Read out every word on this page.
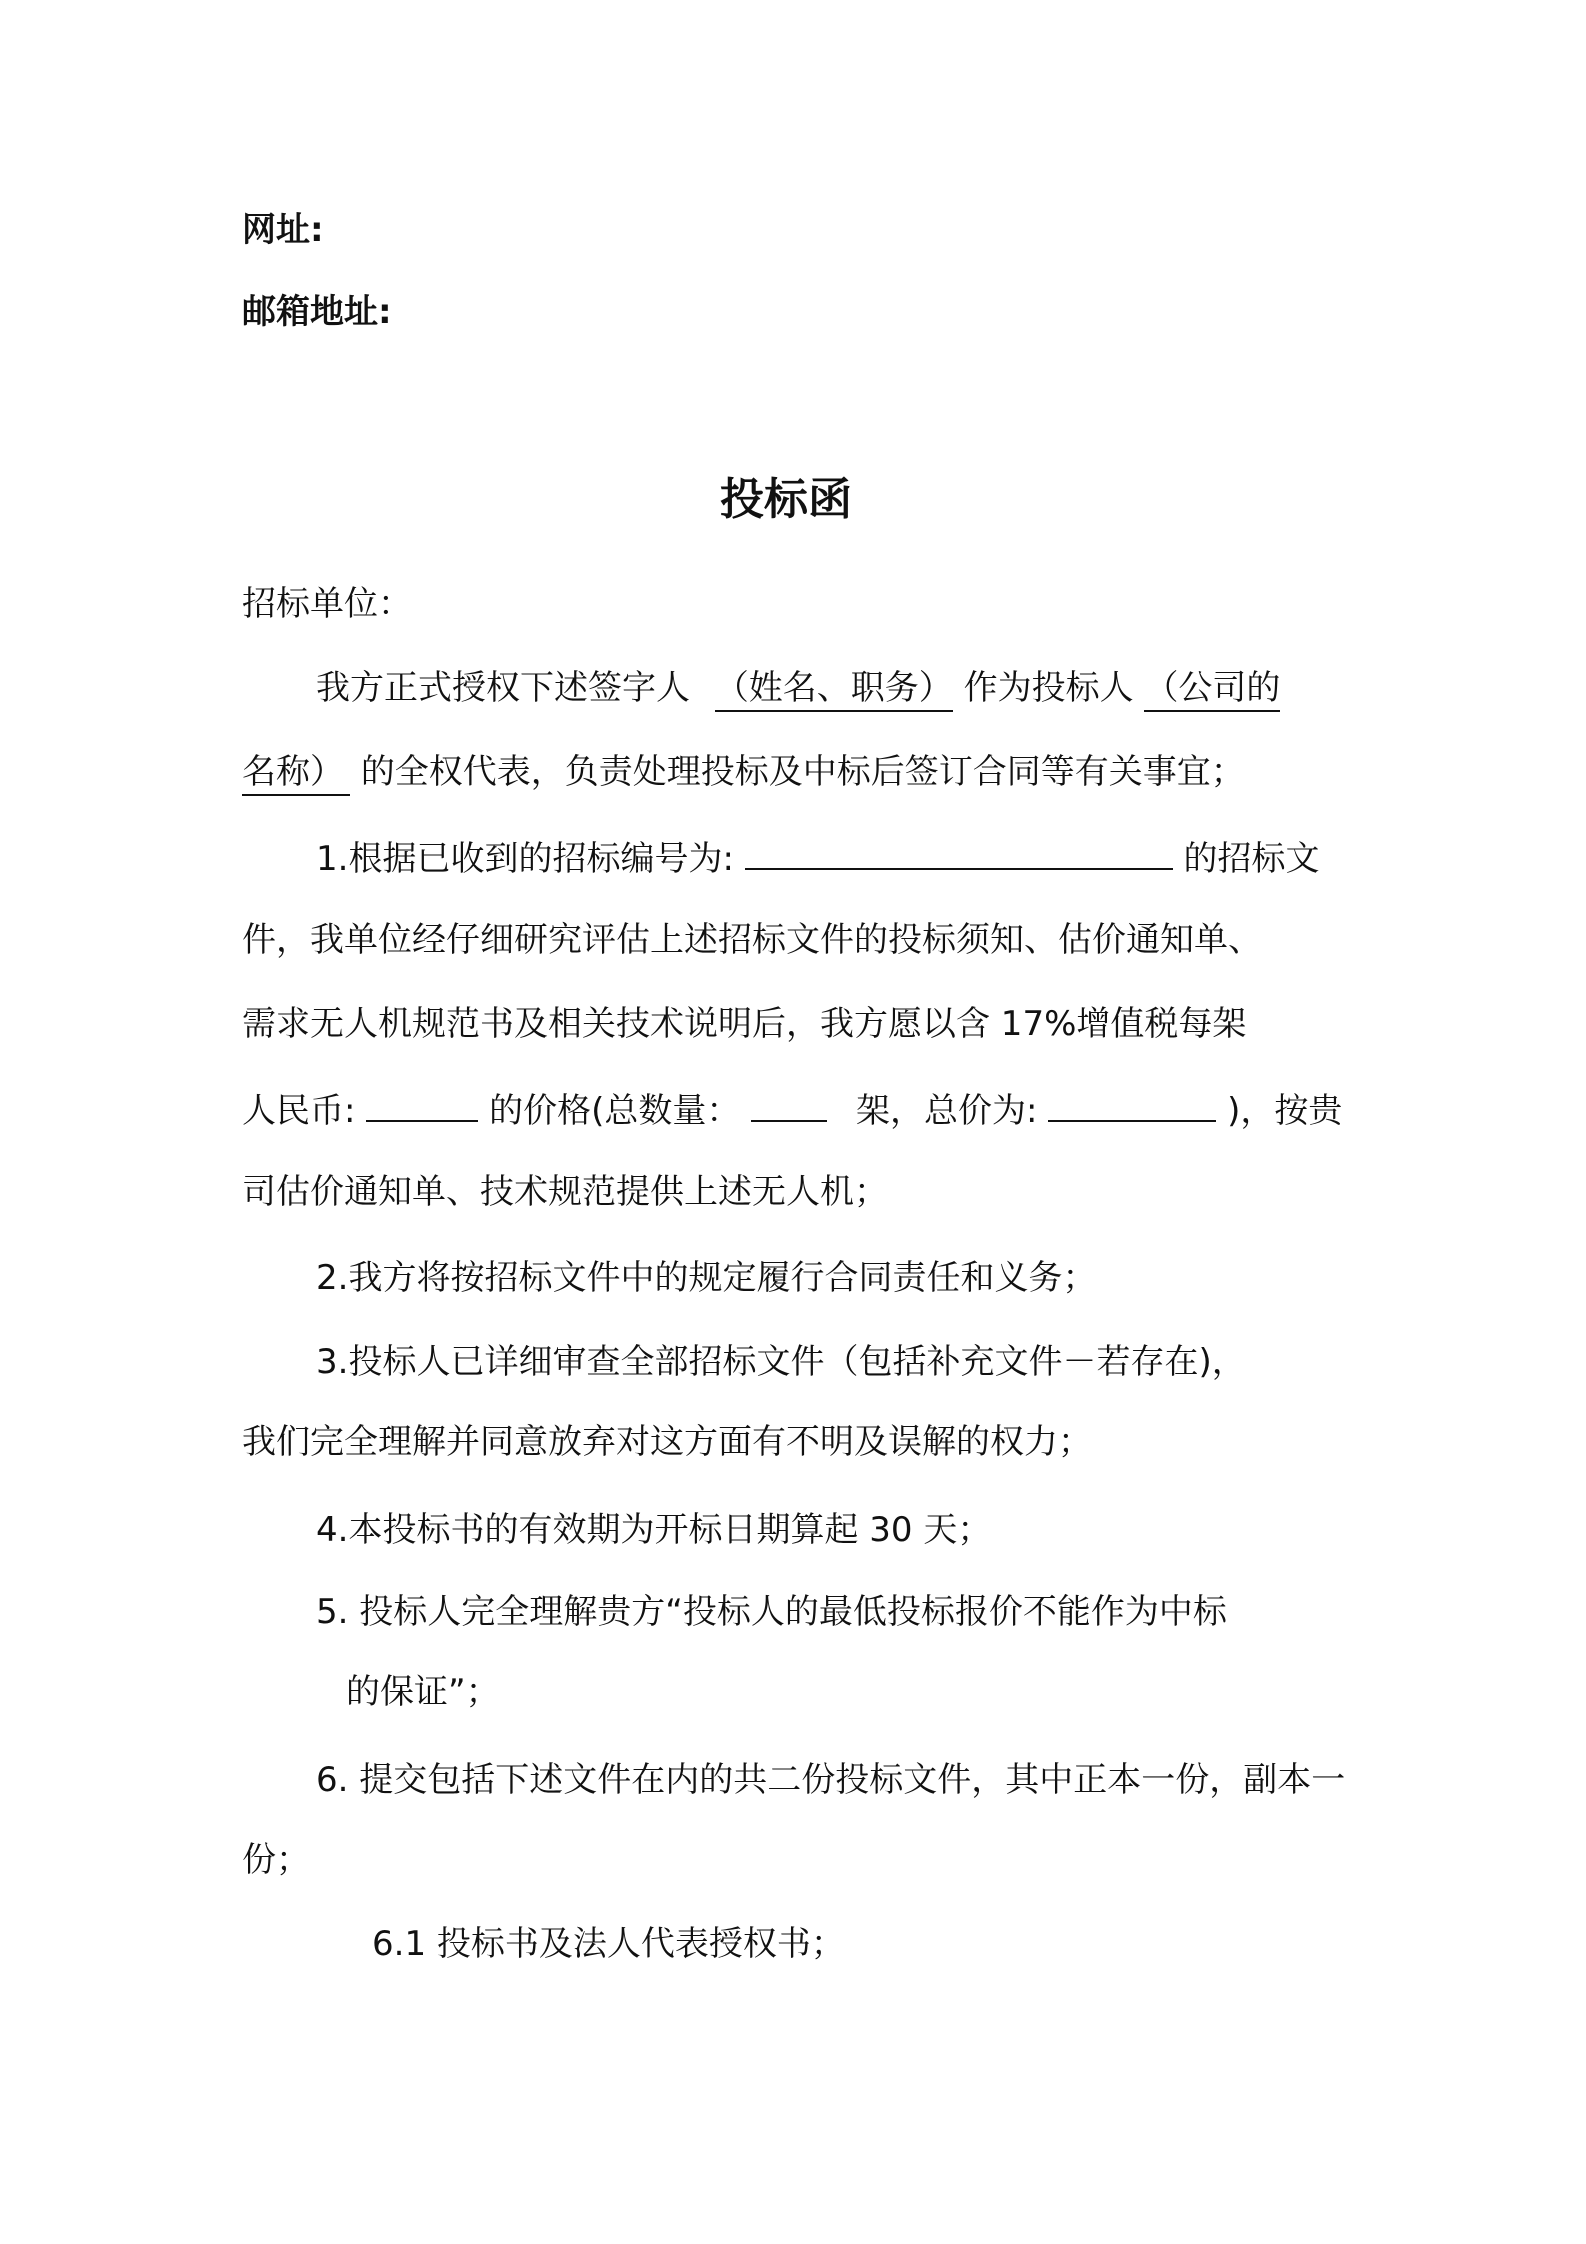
网址:
邮箱地址:
投标函
招标单位：
我方正式授权下述签字人 （姓名、职务） 作为投标人 （公司的
名称） 的全权代表，负责处理投标及中标后签订合同等有关事宜；
1.根据已收到的招标编号为:	的招标文
件，我单位经仔细研究评估上述招标文件的投标须知、估价通知单、
需求无人机规范书及相关技术说明后，我方愿以含 17%增值税每架
人民币:	的价格(总数量：	架，总价为:	)，按贵
司估价通知单、技术规范提供上述无人机；
2.我方将按招标文件中的规定履行合同责任和义务；
3.投标人已详细审查全部招标文件（包括补充文件－若存在)，
我们完全理解并同意放弃对这方面有不明及误解的权力；
4.本投标书的有效期为开标日期算起 30 天；
5. 投标人完全理解贵方“投标人的最低投标报价不能作为中标
的保证”；
6. 提交包括下述文件在内的共二份投标文件，其中正本一份，副本一
份；
6.1 投标书及法人代表授权书；
